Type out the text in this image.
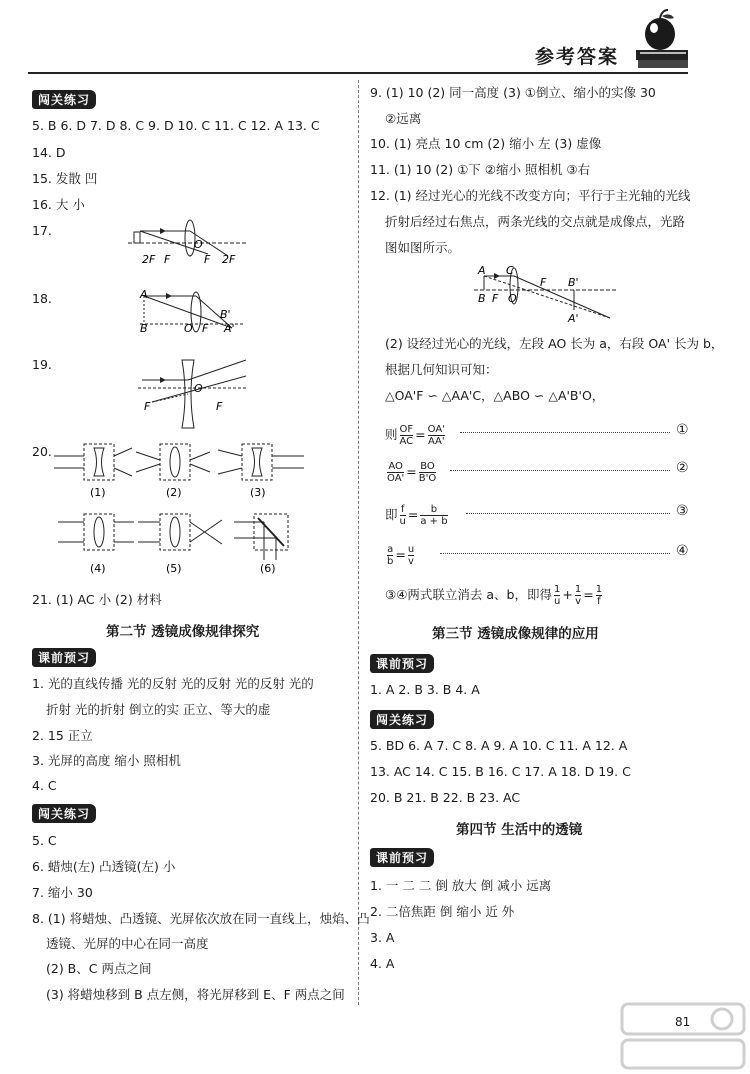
参考答案
闯关练习
5. B 6. D 7. D 8. C 9. D 10. C 11. C 12. A 13. C
14. D
15. 发散 凹
16. 大 小
17.
2F F
O
F 2F
18.	A
B	O F
B'
A'
19.
O
F	F
20.
(1)	(2)	(3)
(4)	(5)	(6)
21. (1) AC 小 (2) 材料
第二节 透镜成像规律探究
课前预习
1. 光的直线传播 光的反射 光的反射 光的反射 光的
折射 光的折射 倒立的实 正立、等大的虚
2. 15 正立
3. 光屏的高度 缩小 照相机
4. C
闯关练习
5. C
6. 蜡烛(左) 凸透镜(左) 小
7. 缩小 30
8. (1) 将蜡烛、凸透镜、光屏依次放在同一直线上，烛焰、凸
透镜、光屏的中心在同一高度
(2) B、C 两点之间
(3) 将蜡烛移到 B 点左侧，将光屏移到 E、F 两点之间
9. (1) 10 (2) 同一高度 (3) ①倒立、缩小的实像 30
②远离
10. (1) 亮点 10 cm (2) 缩小 左 (3) 虚像
11. (1) 10 (2) ①下 ②缩小 照相机 ③右
12. (1) 经过光心的光线不改变方向；平行于主光轴的光线
折射后经过右焦点，两条光线的交点就是成像点，光路
图如图所示。
A C
F B'
B F O
A'
(2) 设经过光心的光线，左段 AO 长为 a，右段 OA' 长为 b，
根据几何知识可知：
△OA'F ∽ △AA'C，△ABO ∽ △A'B'O，
则 $\frac{OF}{AC} = \frac{OA'}{AA'}$	①
$\frac{AO}{OA'} = \frac{BO}{B'O}$	②
即 $\frac{f}{u} = \frac{b}{a + b}$	③
$\frac{a}{b} = \frac{u}{v}$	④
③④两式联立消去 a、b，即得 $\frac{1}{u} + \frac{1}{v} = \frac{1}{f}$
第三节 透镜成像规律的应用
课前预习
1. A 2. B 3. B 4. A
闯关练习
5. BD 6. A 7. C 8. A 9. A 10. C 11. A 12. A
13. AC 14. C 15. B 16. C 17. A 18. D 19. C
20. B 21. B 22. B 23. AC
第四节 生活中的透镜
课前预习
1. 一 二 二 倒 放大 倒 减小 远离
2. 二倍焦距 倒 缩小 近 外
3. A
4. A
81
